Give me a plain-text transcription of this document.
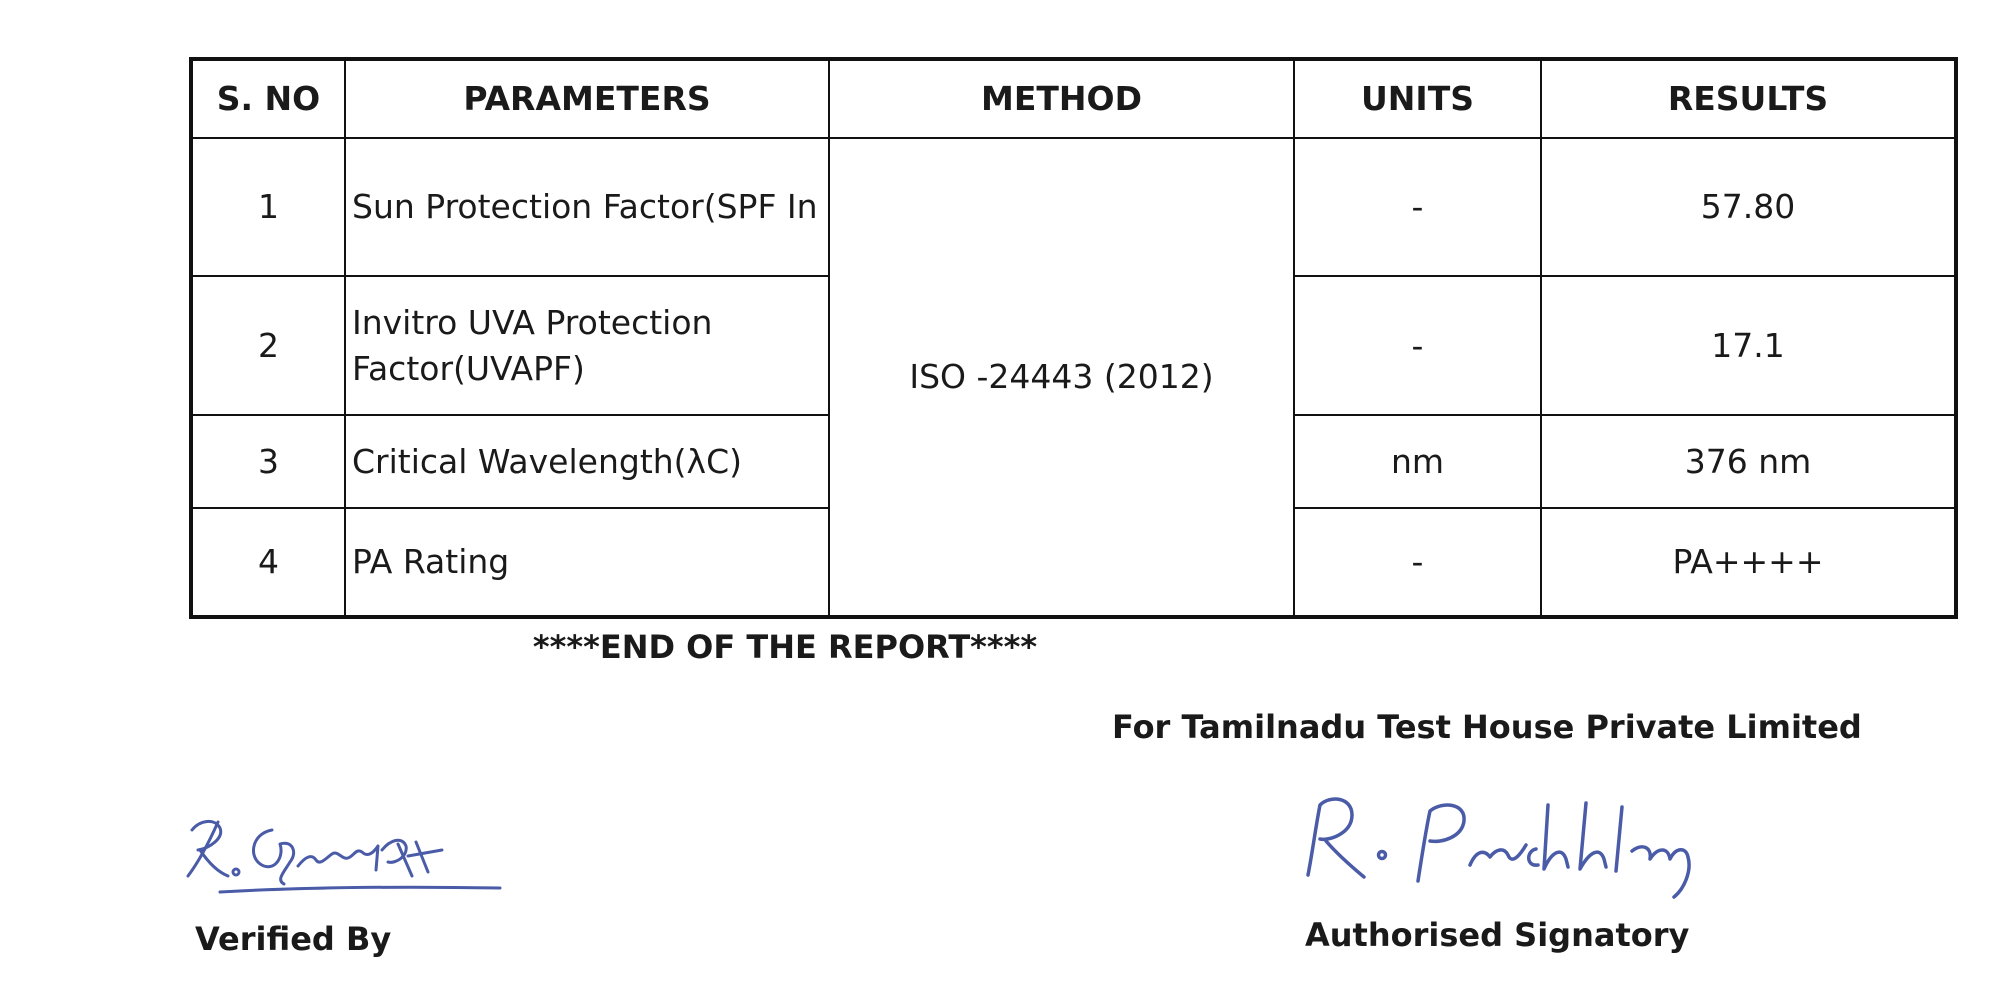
S. NO	PARAMETERS	METHOD	UNITS	RESULTS
1	Sun Protection Factor(SPF In	ISO -24443 (2012)	-	57.80
2	Invitro UVA Protection Factor(UVAPF)		-	17.1
3	Critical Wavelength(λC)		nm	376 nm
4	PA Rating		-	PA++++
****END OF THE REPORT****
For Tamilnadu Test House Private Limited
Verified By	Authorised Signatory
